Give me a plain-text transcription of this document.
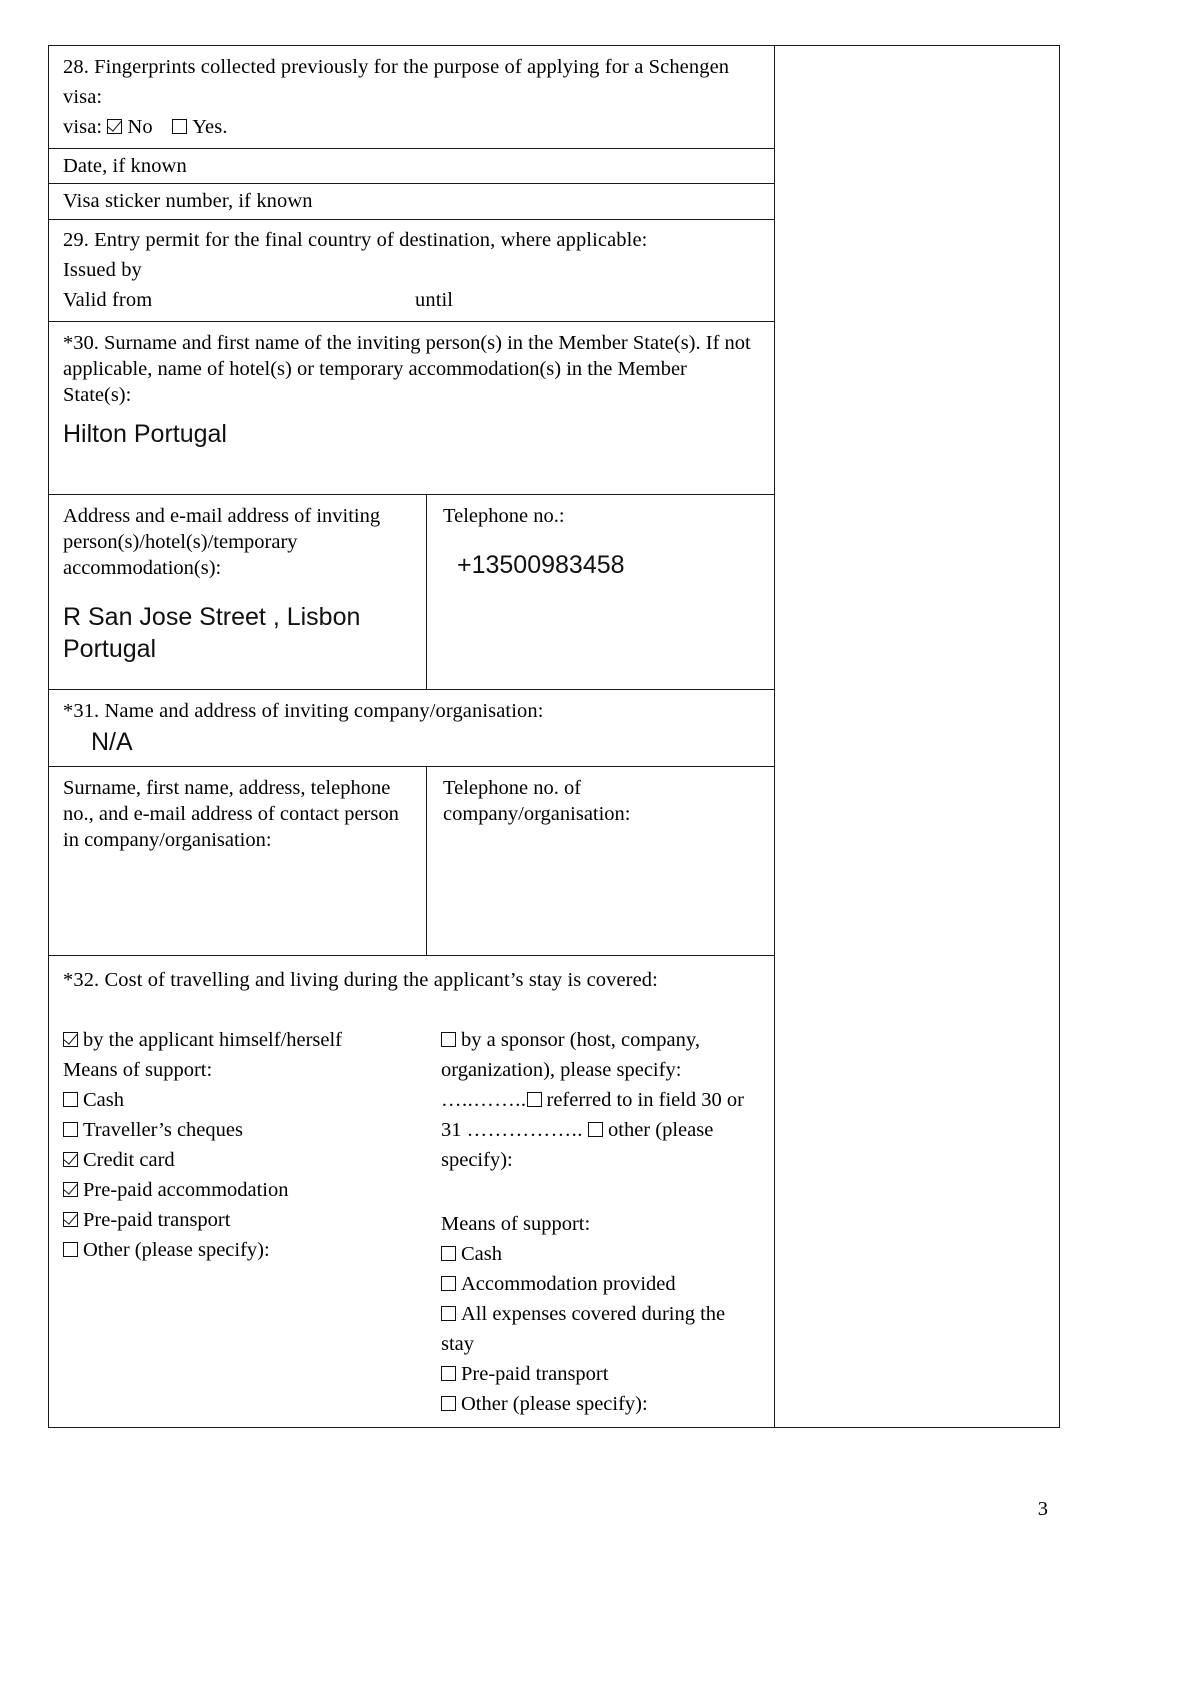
28. Fingerprints collected previously for the purpose of applying for a Schengen visa:
visa: No Yes.
Date, if known
Visa sticker number, if known
29. Entry permit for the final country of destination, where applicable:
Issued by
Valid from	until
*30. Surname and first name of the inviting person(s) in the Member State(s). If not applicable, name of hotel(s) or temporary accommodation(s) in the Member State(s):
Hilton Portugal
Address and e-mail address of inviting person(s)/hotel(s)/temporary accommodation(s):
R San Jose Street , Lisbon Portugal
Telephone no.:
+13500983458
*31. Name and address of inviting company/organisation:
N/A
Surname, first name, address, telephone no., and e-mail address of contact person in company/organisation:
Telephone no. of company/organisation:
*32. Cost of travelling and living during the applicant’s stay is covered:
by the applicant himself/herself
Means of support:
Cash
Traveller’s cheques
Credit card
Pre-paid accommodation
Pre-paid transport
Other (please specify):
by a sponsor (host, company, organization), please specify:
…..…….. referred to in field 30 or
31 …………….. other (please specify):
Means of support:
Cash
Accommodation provided
All expenses covered during the stay
Pre-paid transport
Other (please specify):
3
